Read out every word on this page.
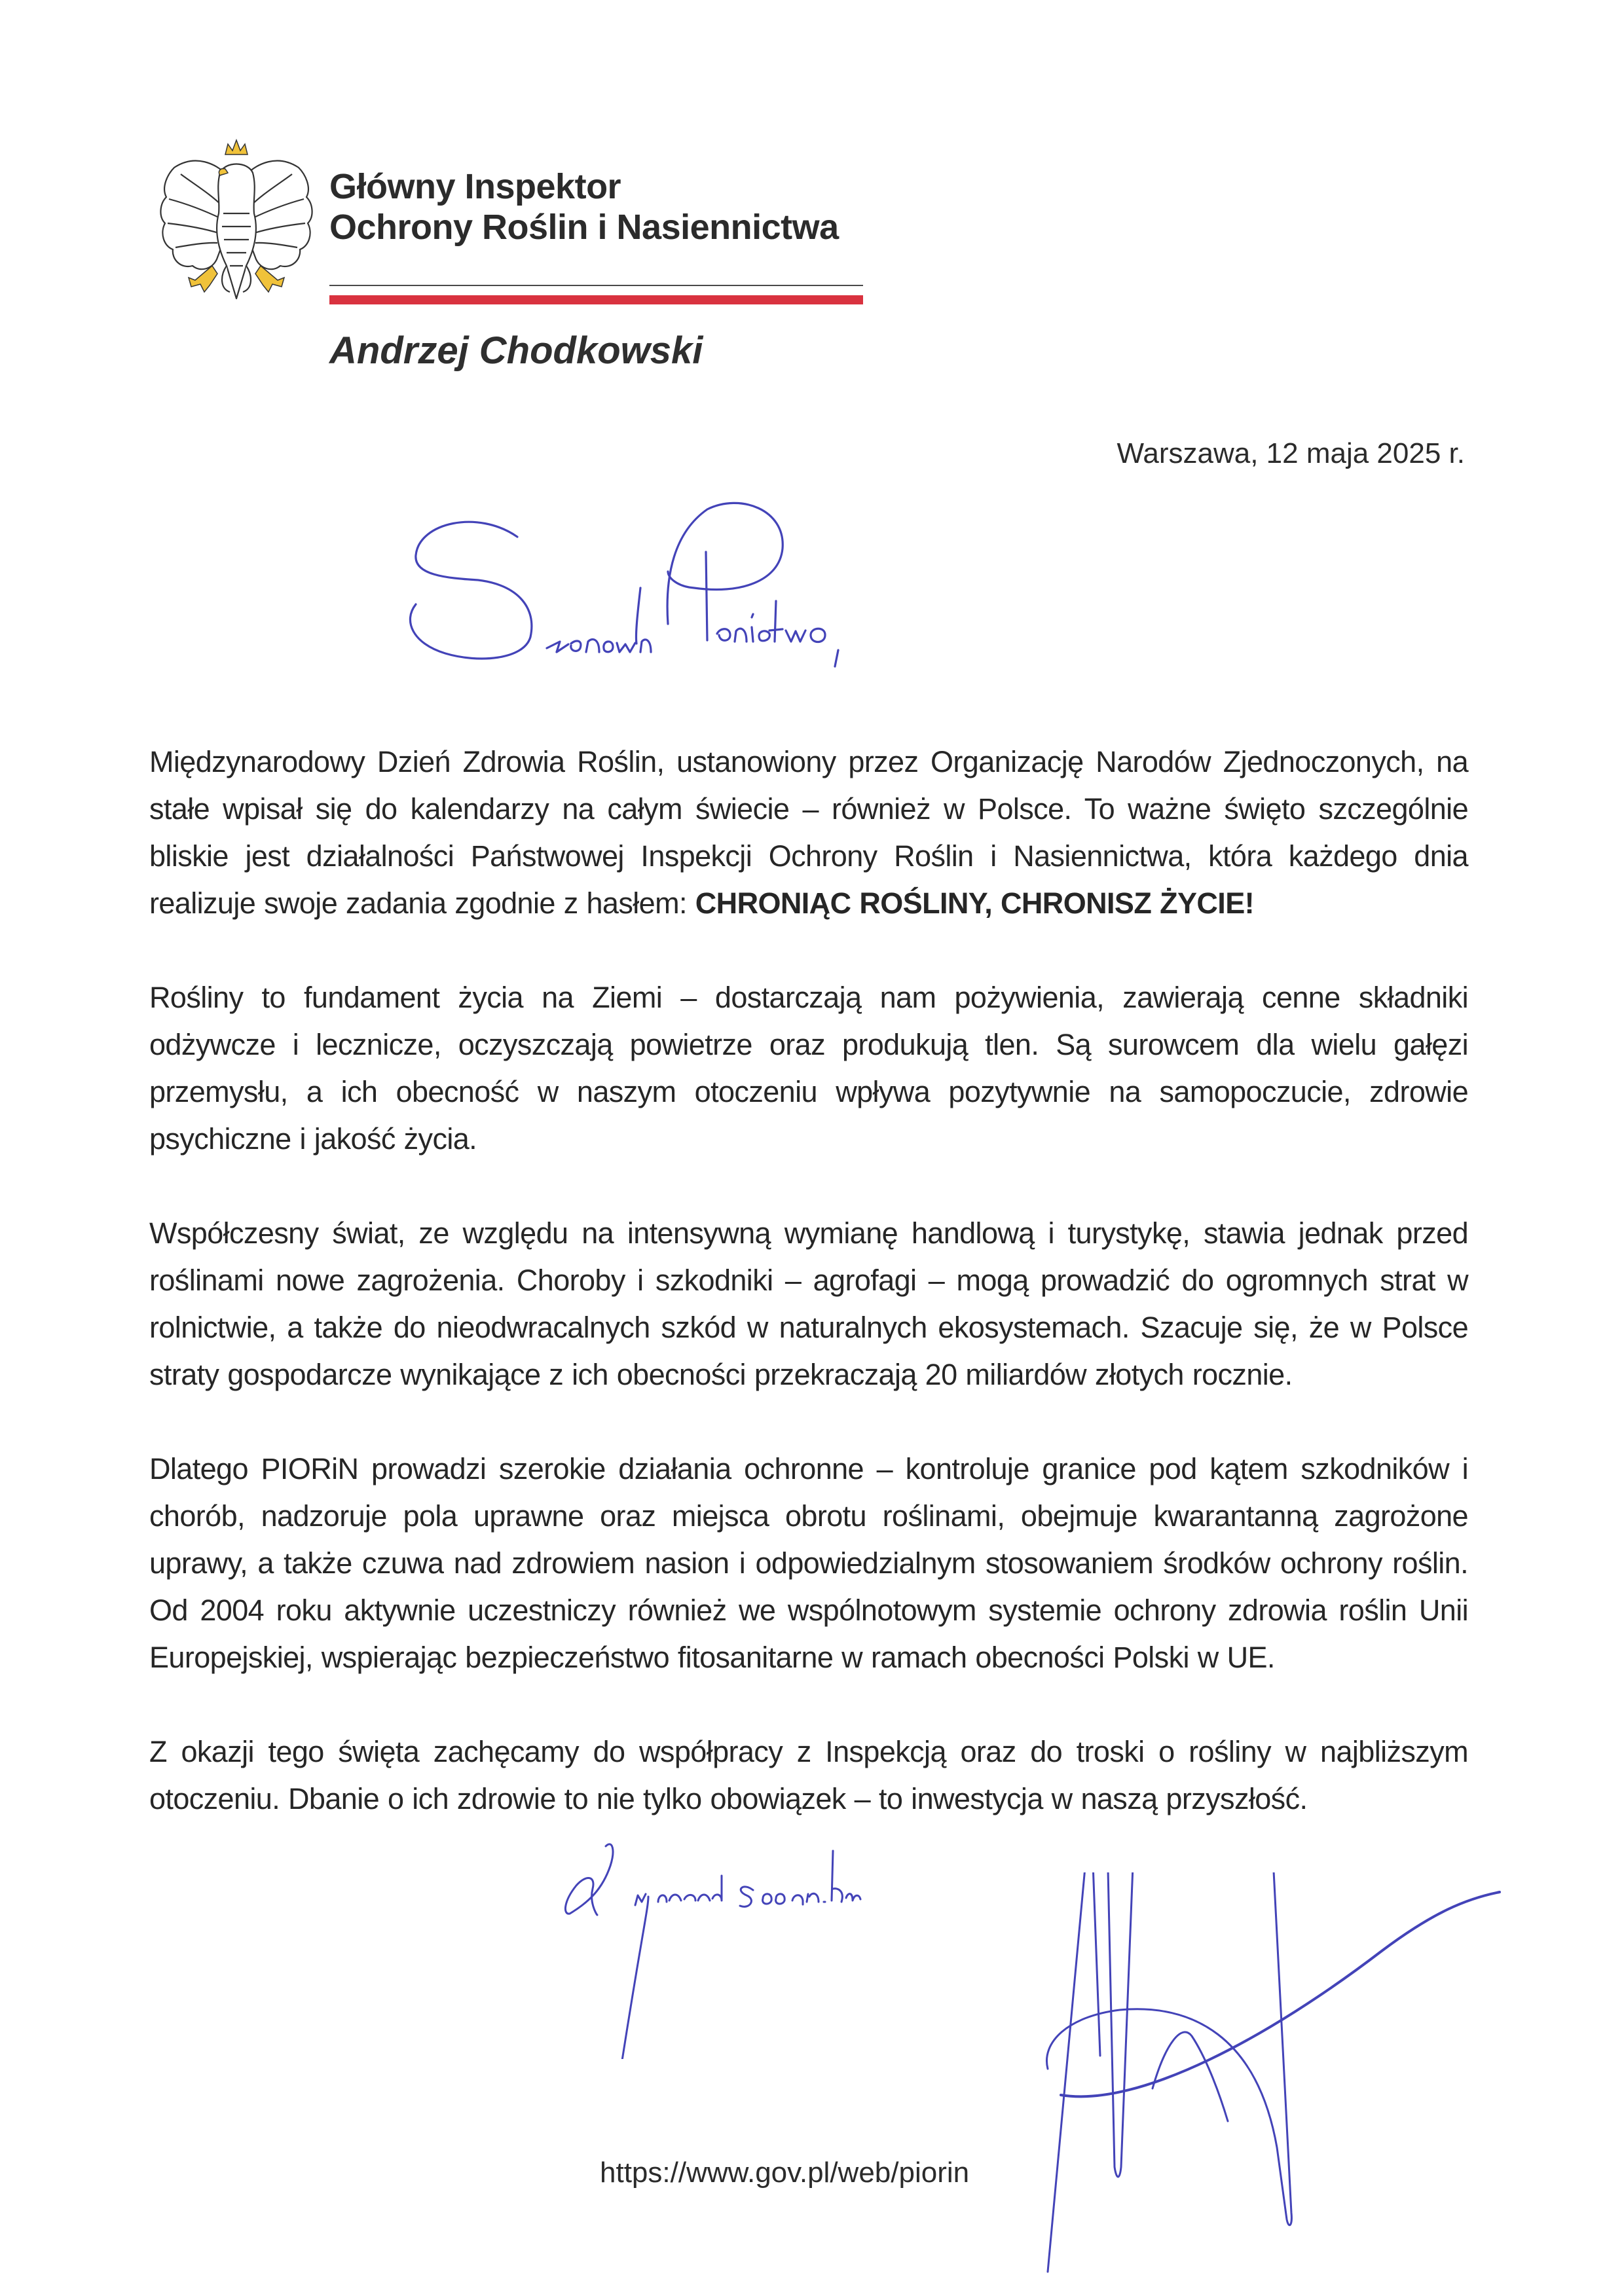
Główny Inspektor
Ochrony Roślin i Nasiennictwa
Andrzej Chodkowski
Warszawa, 12 maja 2025 r.

Międzynarodowy Dzień Zdrowia Roślin, ustanowiony przez Organizację Narodów Zjednoczonych, na stałe wpisał się do kalendarzy na całym świecie – również w Polsce. To ważne święto szczególnie bliskie jest działalności Państwowej Inspekcji Ochrony Roślin i Nasiennictwa, która każdego dnia realizuje swoje zadania zgodnie z hasłem: CHRONIĄC ROŚLINY, CHRONISZ ŻYCIE!

Rośliny to fundament życia na Ziemi – dostarczają nam pożywienia, zawierają cenne składniki odżywcze i lecznicze, oczyszczają powietrze oraz produkują tlen. Są surowcem dla wielu gałęzi przemysłu, a ich obecność w naszym otoczeniu wpływa pozytywnie na samopoczucie, zdrowie psychiczne i jakość życia.

Współczesny świat, ze względu na intensywną wymianę handlową i turystykę, stawia jednak przed roślinami nowe zagrożenia. Choroby i szkodniki – agrofagi – mogą prowadzić do ogromnych strat w rolnictwie, a także do nieodwracalnych szkód w naturalnych ekosystemach. Szacuje się, że w Polsce straty gospodarcze wynikające z ich obecności przekraczają 20 miliardów złotych rocznie.

Dlatego PIORiN prowadzi szerokie działania ochronne – kontroluje granice pod kątem szkodników i chorób, nadzoruje pola uprawne oraz miejsca obrotu roślinami, obejmuje kwarantanną zagrożone uprawy, a także czuwa nad zdrowiem nasion i odpowiedzialnym stosowaniem środków ochrony roślin. Od 2004 roku aktywnie uczestniczy również we wspólnotowym systemie ochrony zdrowia roślin Unii Europejskiej, wspierając bezpieczeństwo fitosanitarne w ramach obecności Polski w UE.

Z okazji tego święta zachęcamy do współpracy z Inspekcją oraz do troski o rośliny w najbliższym otoczeniu. Dbanie o ich zdrowie to nie tylko obowiązek – to inwestycja w naszą przyszłość.

https://www.gov.pl/web/piorin
